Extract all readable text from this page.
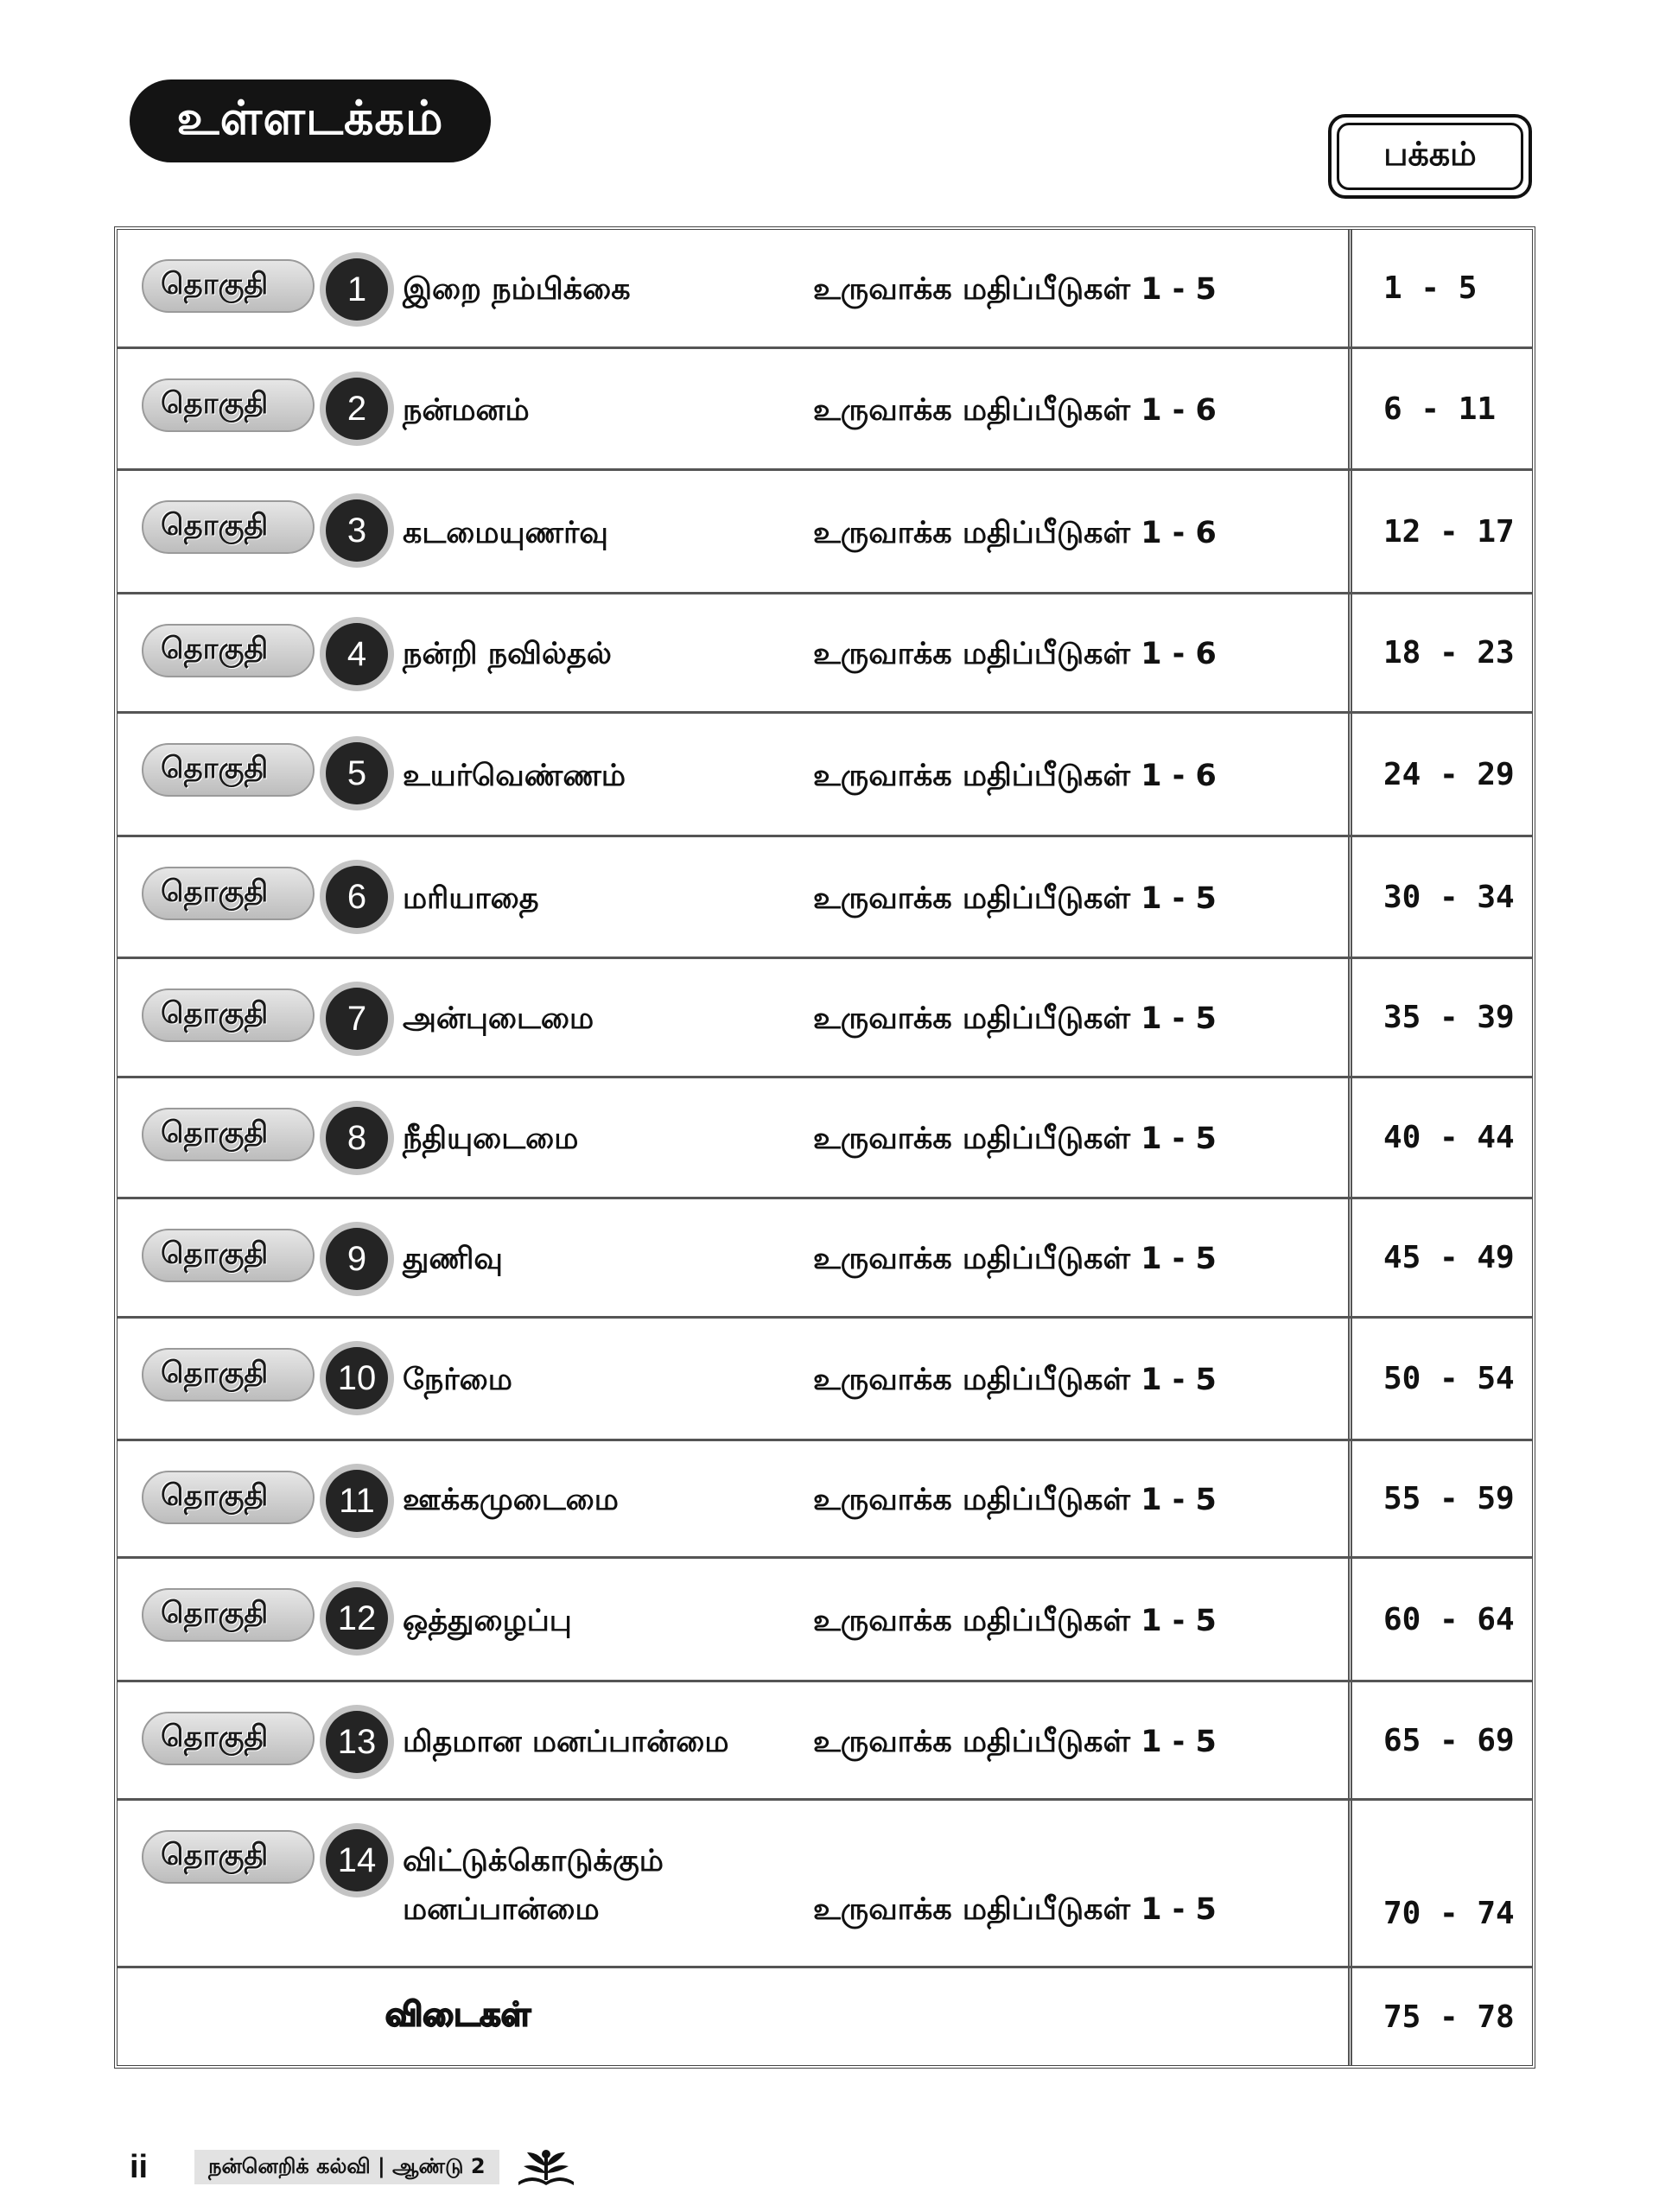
உள்ளடக்கம்
பக்கம்
தொகுதி	1	இறை நம்பிக்கை	உருவாக்க மதிப்பீடுகள் 1 - 5	1 - 5
தொகுதி	2	நன்மனம்	உருவாக்க மதிப்பீடுகள் 1 - 6	6 - 11
தொகுதி	3	கடமையுணர்வு	உருவாக்க மதிப்பீடுகள் 1 - 6	12 - 17
தொகுதி	4	நன்றி நவில்தல்	உருவாக்க மதிப்பீடுகள் 1 - 6	18 - 23
தொகுதி	5	உயர்வெண்ணம்	உருவாக்க மதிப்பீடுகள் 1 - 6	24 - 29
தொகுதி	6	மரியாதை	உருவாக்க மதிப்பீடுகள் 1 - 5	30 - 34
தொகுதி	7	அன்புடைமை	உருவாக்க மதிப்பீடுகள் 1 - 5	35 - 39
தொகுதி	8	நீதியுடைமை	உருவாக்க மதிப்பீடுகள் 1 - 5	40 - 44
தொகுதி	9	துணிவு	உருவாக்க மதிப்பீடுகள் 1 - 5	45 - 49
தொகுதி	10 நேர்மை	உருவாக்க மதிப்பீடுகள் 1 - 5	50 - 54
தொகுதி	11 ஊக்கமுடைமை	உருவாக்க மதிப்பீடுகள் 1 - 5	55 - 59
தொகுதி	12 ஒத்துழைப்பு	உருவாக்க மதிப்பீடுகள் 1 - 5	60 - 64
தொகுதி	13 மிதமான மனப்பான்மை	உருவாக்க மதிப்பீடுகள் 1 - 5	65 - 69
தொகுதி	14 விட்டுக்கொடுக்கும் மனப்பான்மை	உருவாக்க மதிப்பீடுகள் 1 - 5	70 - 74
விடைகள்	75 - 78
ii	நன்னெறிக் கல்வி | ஆண்டு 2
